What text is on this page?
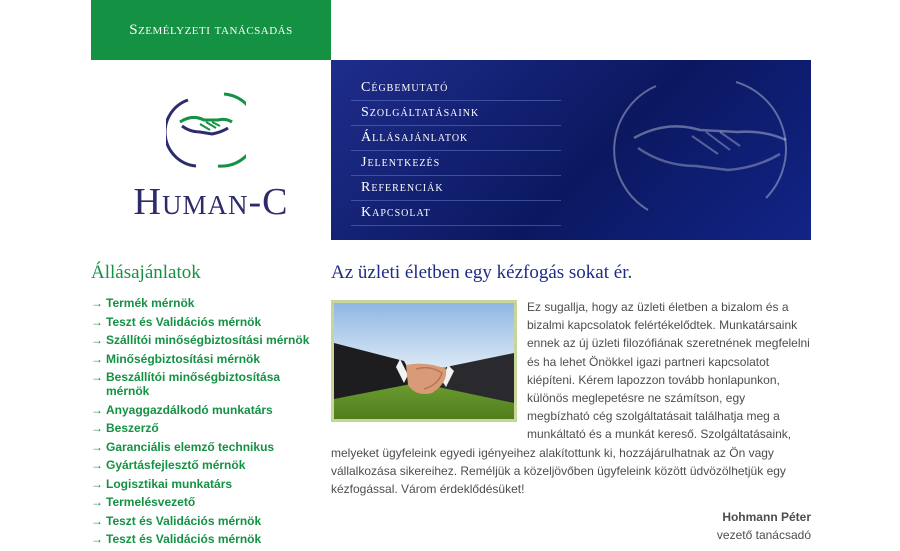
Személyzeti tanácsadás
Human-C
Cégbemutató
Szolgáltatásaink
Állásajánlatok
Jelentkezés
Referenciák
Kapcsolat
Állásajánlatok
→ Termék mérnök
→ Teszt és Validációs mérnök
→ Szállítói minőségbiztosítási mérnök
→ Minőségbiztosítási mérnök
→ Beszállítói minőségbiztosítása mérnök
→ Anyaggazdálkodó munkatárs
→ Beszerző
→ Garanciális elemző technikus
→ Gyártásfejlesztő mérnök
→ Logisztikai munkatárs
→ Termelésvezető
→ Teszt és Validációs mérnök
→ Teszt és Validációs mérnök
Az üzleti életben egy kézfogás sokat ér.

Ez sugallja, hogy az üzleti életben a bizalom és a bizalmi kapcsolatok felértékelődtek. Munkatársaink ennek az új üzleti filozófiának szeretnének megfelelni és ha lehet Önökkel igazi partneri kapcsolatot kiépíteni. Kérem lapozzon tovább honlapunkon, különös meglepetésre ne számítson, egy megbízható cég szolgáltatásait találhatja meg a munkáltató és a munkát kereső. Szolgáltatásaink, melyeket ügyfeleink egyedi igényeihez alakítottunk ki, hozzájárulhatnak az Ön vagy vállalkozása sikereihez. Reméljük a közeljövőben ügyfeleink között üdvözölhetjük egy kézfogással. Várom érdeklődésüket!

Hohmann Péter
vezető tanácsadó
